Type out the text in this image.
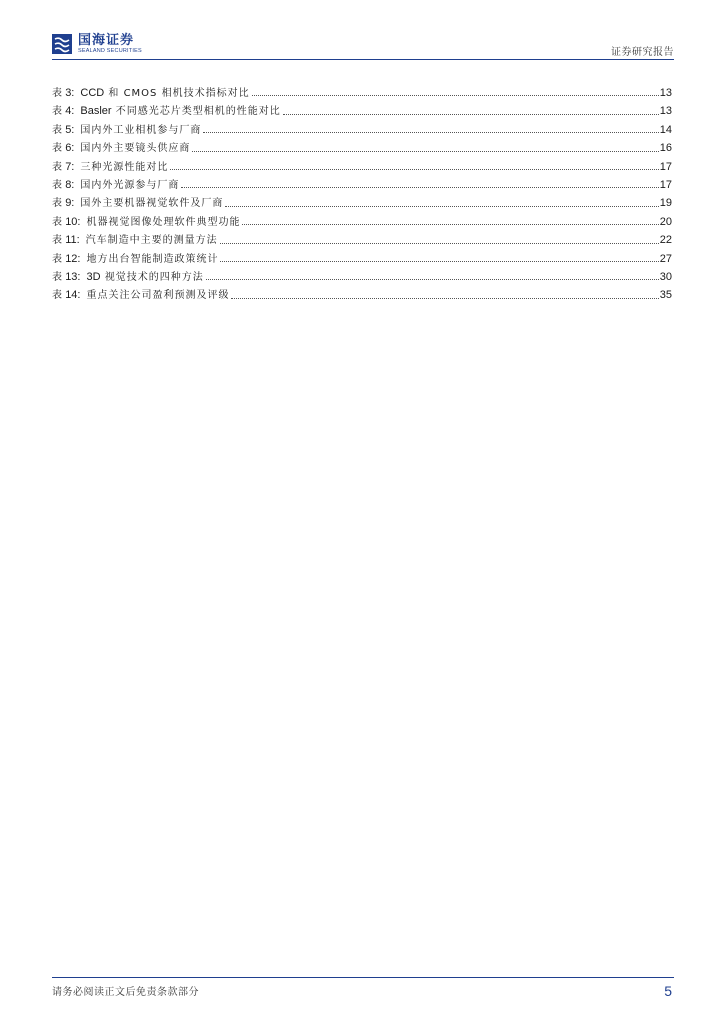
国海证券
SEALAND SECURITIES	证券研究报告
表 3: CCD 和 CMOS 相机技术指标对比	13
表 4: Basler 不同感光芯片类型相机的性能对比	13
表 5: 国内外工业相机参与厂商	14
表 6: 国内外主要镜头供应商	16
表 7: 三种光源性能对比	17
表 8: 国内外光源参与厂商	17
表 9: 国外主要机器视觉软件及厂商	19
表 10: 机器视觉图像处理软件典型功能	20
表 11: 汽车制造中主要的测量方法	22
表 12: 地方出台智能制造政策统计	27
表 13: 3D 视觉技术的四种方法	30
表 14: 重点关注公司盈利预测及评级	35
请务必阅读正文后免责条款部分	5
